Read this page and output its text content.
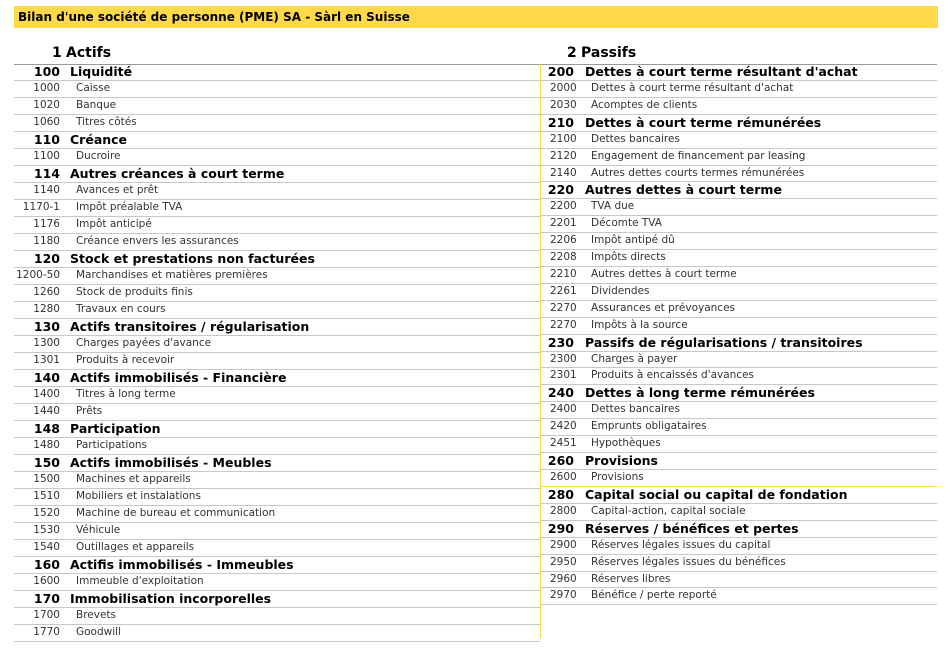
Bilan d'une société de personne (PME) SA - Sàrl en Suisse
1 Actifs
100 Liquidité
1000 Caisse
1020 Banque
1060 Titres côtés
110 Créance
1100 Ducroire
114 Autres créances à court terme
1140 Avances et prêt
1170-1 Impôt préalable TVA
1176 Impôt anticipé
1180 Créance envers les assurances
120 Stock et prestations non facturées
1200-50 Marchandises et matières premières
1260 Stock de produits finis
1280 Travaux en cours
130 Actifs transitoires / régularisation
1300 Charges payées d'avance
1301 Produits à recevoir
140 Actifs immobilisés - Financière
1400 Titres à long terme
1440 Prêts
148 Participation
1480 Participations
150 Actifs immobilisés - Meubles
1500 Machines et appareils
1510 Mobiliers et instalations
1520 Machine de bureau et communication
1530 Véhicule
1540 Outillages et appareils
160 Actifis immobilisés - Immeubles
1600 Immeuble d'exploitation
170 Immobilisation incorporelles
1700 Brevets
1770 Goodwill
2 Passifs
200 Dettes à court terme résultant d'achat
2000 Dettes à court terme résultant d'achat
2030 Acomptes de clients
210 Dettes à court terme rémunérées
2100 Dettes bancaires
2120 Engagement de financement par leasing
2140 Autres dettes courts termes rémunérées
220 Autres dettes à court terme
2200 TVA due
2201 Décomte TVA
2206 Impôt antipé dû
2208 Impôts directs
2210 Autres dettes à court terme
2261 Dividendes
2270 Assurances et prévoyances
2270 Impôts à la source
230 Passifs de régularisations / transitoires
2300 Charges à payer
2301 Produits à encaissés d'avances
240 Dettes à long terme rémunérées
2400 Dettes bancaires
2420 Emprunts obligataires
2451 Hypothèques
260 Provisions
2600 Provisions
280 Capital social ou capital de fondation
2800 Capital-action, capital sociale
290 Réserves / bénéfices et pertes
2900 Réserves légales issues du capital
2950 Réserves légales issues du bénéfices
2960 Réserves libres
2970 Bénéfice / perte reporté
